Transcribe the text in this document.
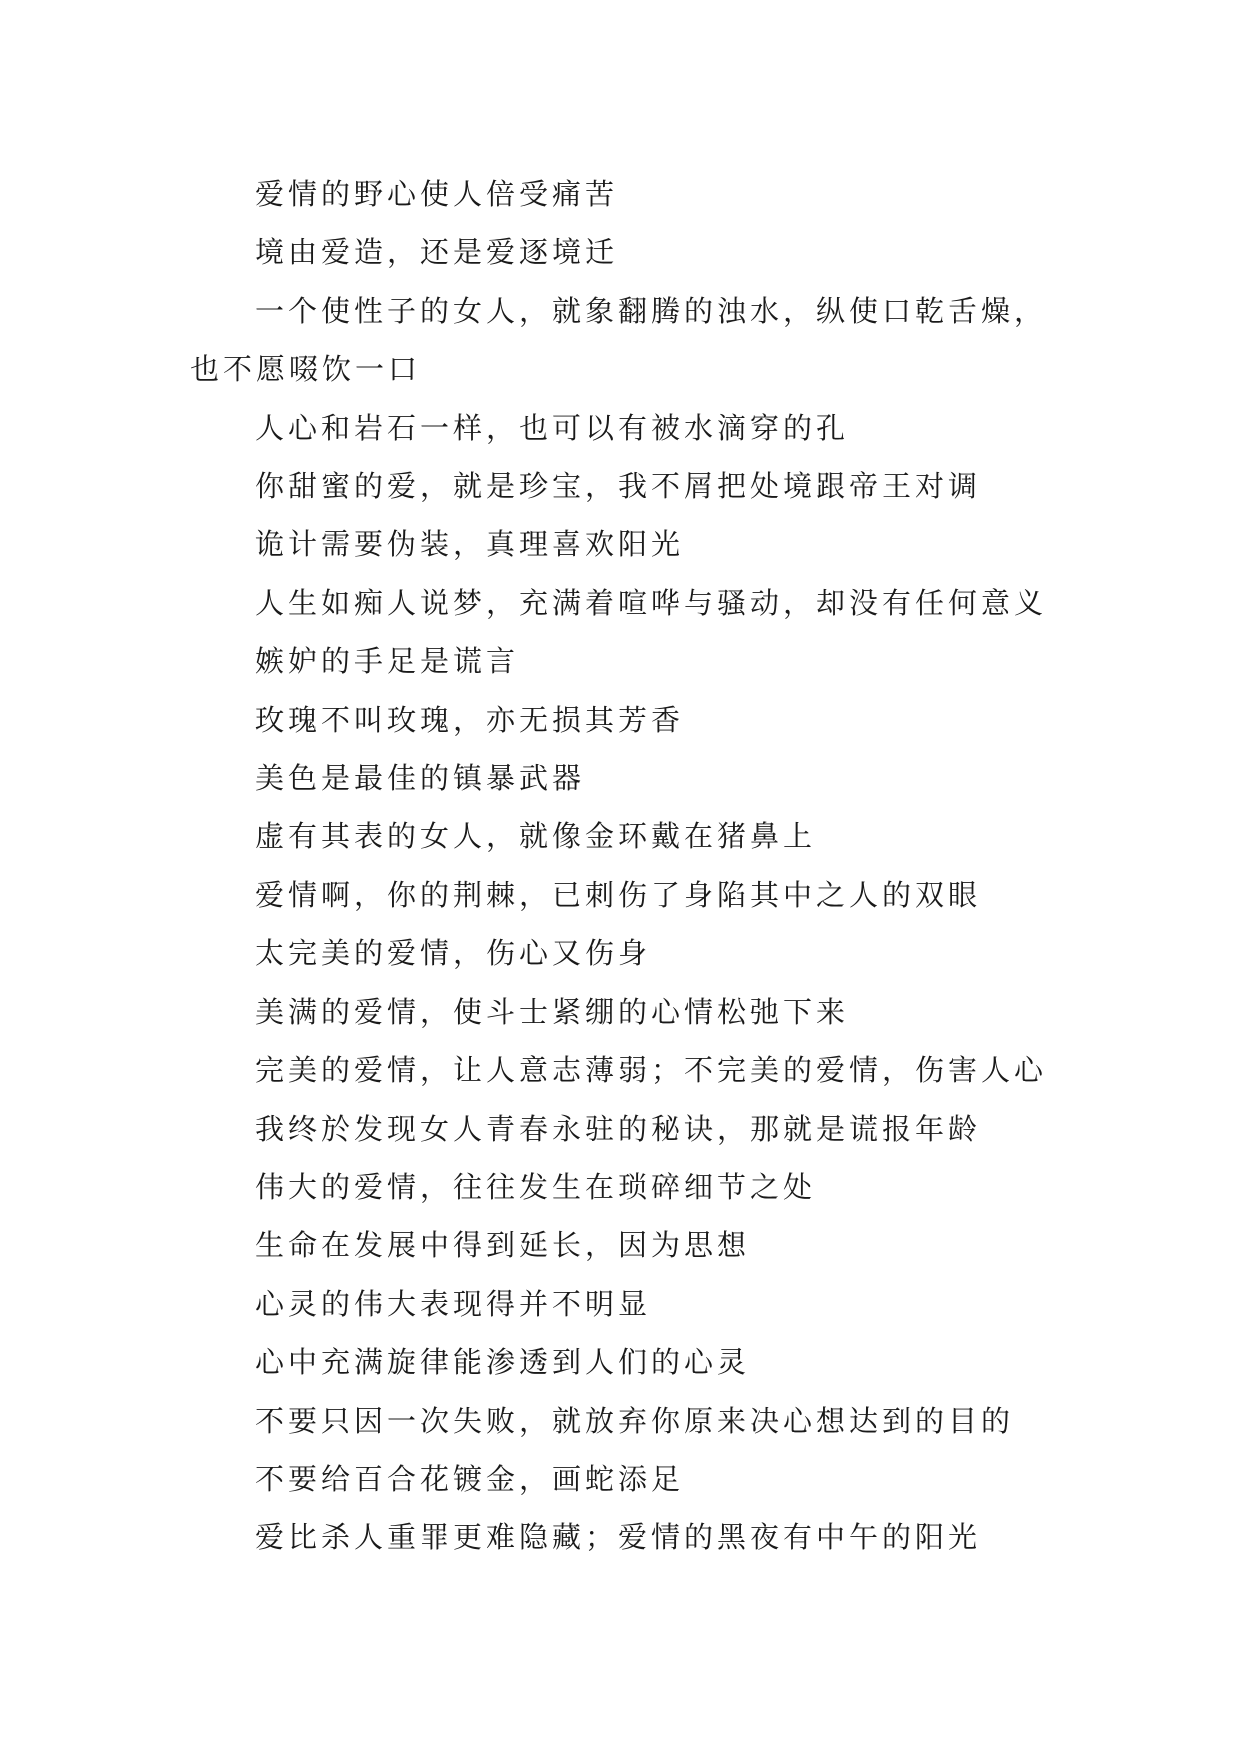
爱情的野心使人倍受痛苦

境由爱造，还是爱逐境迁

一个使性子的女人，就象翻腾的浊水，纵使口乾舌燥，也不愿啜饮一口

人心和岩石一样，也可以有被水滴穿的孔

你甜蜜的爱，就是珍宝，我不屑把处境跟帝王对调

诡计需要伪装，真理喜欢阳光

人生如痴人说梦，充满着喧哗与骚动，却没有任何意义

嫉妒的手足是谎言

玫瑰不叫玫瑰，亦无损其芳香

美色是最佳的镇暴武器

虚有其表的女人，就像金环戴在猪鼻上

爱情啊，你的荆棘，已刺伤了身陷其中之人的双眼

太完美的爱情，伤心又伤身

美满的爱情，使斗士紧绷的心情松弛下来

完美的爱情，让人意志薄弱；不完美的爱情，伤害人心

我终於发现女人青春永驻的秘诀，那就是谎报年龄

伟大的爱情，往往发生在琐碎细节之处

生命在发展中得到延长，因为思想

心灵的伟大表现得并不明显

心中充满旋律能渗透到人们的心灵

不要只因一次失败，就放弃你原来决心想达到的目的

不要给百合花镀金，画蛇添足

爱比杀人重罪更难隐藏；爱情的黑夜有中午的阳光
